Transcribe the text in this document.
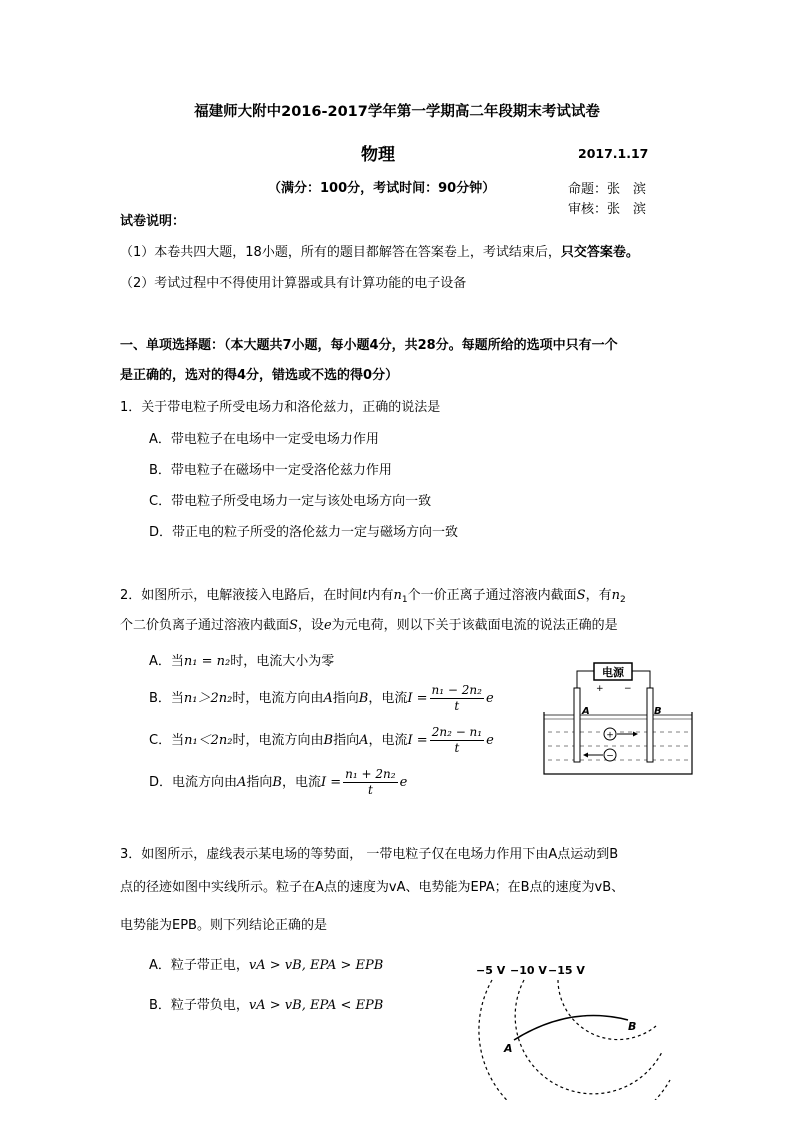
福建师大附中2016-2017学年第一学期高二年段期末考试试卷
物理	2017.1.17
（满分：100分，考试时间：90分钟）	命题：张　滨
审核：张　滨
试卷说明：
（1）本卷共四大题，18小题，所有的题目都解答在答案卷上，考试结束后，只交答案卷。
（2）考试过程中不得使用计算器或具有计算功能的电子设备
一、单项选择题：（本大题共7小题，每小题4分，共28分。每题所给的选项中只有一个
是正确的，选对的得4分，错选或不选的得0分）
1．关于带电粒子所受电场力和洛伦兹力，正确的说法是
A．带电粒子在电场中一定受电场力作用
B．带电粒子在磁场中一定受洛伦兹力作用
C．带电粒子所受电场力一定与该处电场方向一致
D．带正电的粒子所受的洛伦兹力一定与磁场方向一致
2．如图所示，电解液接入电路后，在时间t内有$n_1$个一价正离子通过溶液内截面S，有$n_2$
个二价负离子通过溶液内截面S，设e为元电荷，则以下关于该截面电流的说法正确的是
A．当n₁ = n₂时，电流大小为零
B．当n₁＞2n₂时，电流方向由A指向B，电流$I = \frac{\text{n₁ − 2n₂}}{t}$ e
C．当n₁＜2n₂时，电流方向由B指向A，电流$I = \frac{\text{2n₂ − n₁}}{t}$ e
D．电流方向由A指向B，电流$I = \frac{\text{n₁ + 2n₂}}{t}$ e
电源
+ −
A	B
+
−
3．如图所示，虚线表示某电场的等势面， 一带电粒子仅在电场力作用下由A点运动到B
点的径迹如图中实线所示。粒子在A点的速度为vA、电势能为EPA；在B点的速度为vB、
电势能为EPB。则下列结论正确的是
A．粒子带正电，vA > vB, EPA > EPB
B．粒子带负电，vA > vB, EPA < EPB
−5 V −10 V −15 V
A
B
